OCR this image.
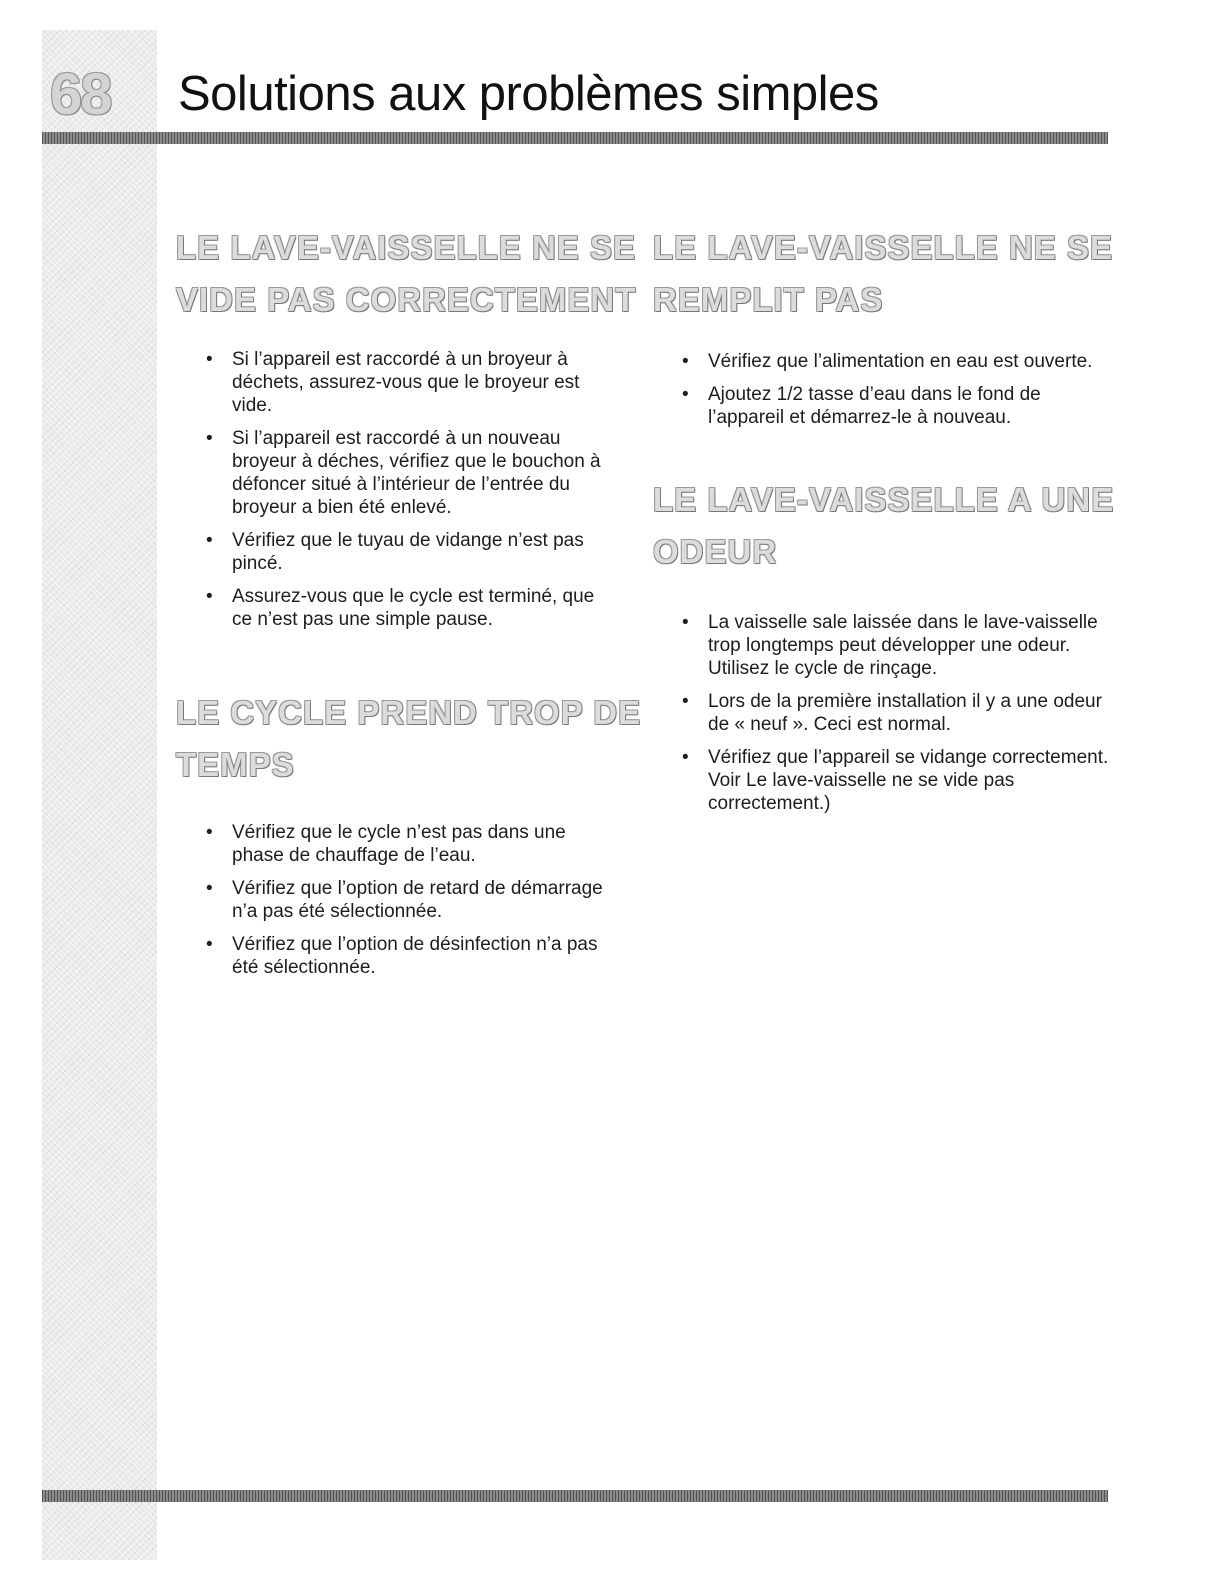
68 Solutions aux problèmes simples
LE LAVE-VAISSELLE NE SE
VIDE PAS CORRECTEMENT
• Si l’appareil est raccordé à un broyeur à déchets, assurez-vous que le broyeur est vide.
• Si l’appareil est raccordé à un nouveau broyeur à déches, vérifiez que le bouchon à défoncer situé à l’intérieur de l’entrée du broyeur a bien été enlevé.
• Vérifiez que le tuyau de vidange n’est pas pincé.
• Assurez-vous que le cycle est terminé, que ce n’est pas une simple pause.
LE CYCLE PREND TROP DE
TEMPS
• Vérifiez que le cycle n’est pas dans une phase de chauffage de l’eau.
• Vérifiez que l’option de retard de démarrage n’a pas été sélectionnée.
• Vérifiez que l’option de désinfection n’a pas été sélectionnée.
LE LAVE-VAISSELLE NE SE
REMPLIT PAS
• Vérifiez que l’alimentation en eau est ouverte.
• Ajoutez 1/2 tasse d’eau dans le fond de l’appareil et démarrez-le à nouveau.
LE LAVE-VAISSELLE A UNE
ODEUR
• La vaisselle sale laissée dans le lave-vaisselle trop longtemps peut développer une odeur. Utilisez le cycle de rinçage.
• Lors de la première installation il y a une odeur de « neuf ». Ceci est normal.
• Vérifiez que l’appareil se vidange correctement. Voir Le lave-vaisselle ne se vide pas correctement.)
